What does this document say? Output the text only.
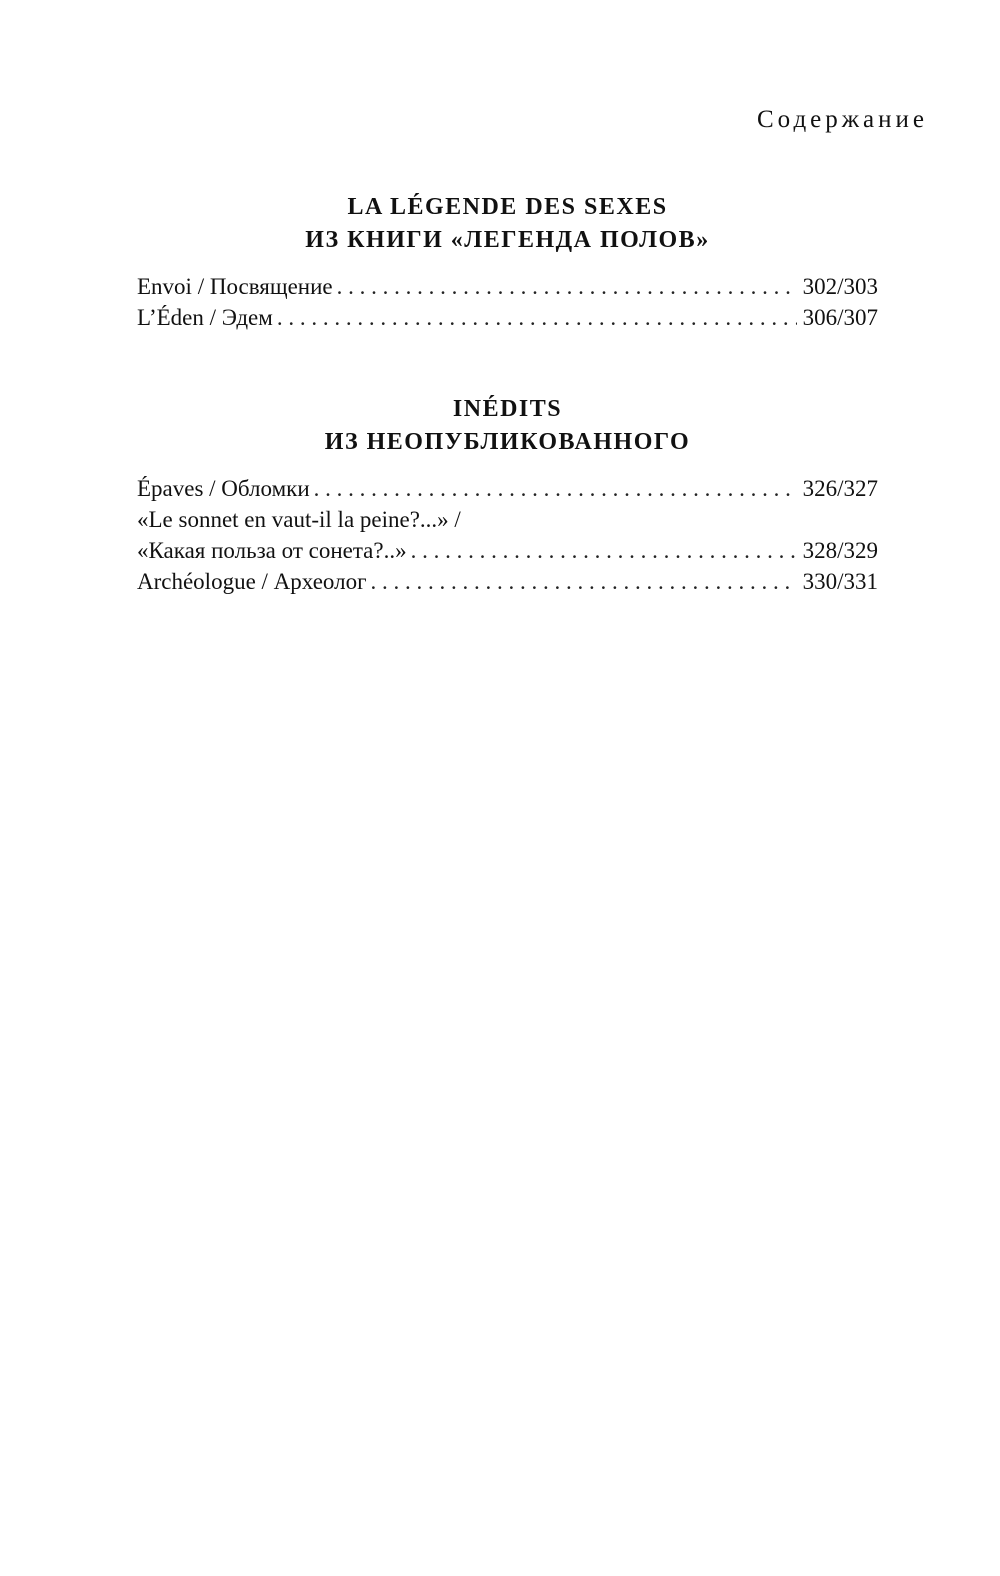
Содержание
LA LÉGENDE DES SEXES
ИЗ КНИГИ «ЛЕГЕНДА ПОЛОВ»
Envoi / Посвящение . . .	302/303
L’Éden / Эдем . . .	306/307
INÉDITS
ИЗ НЕОПУБЛИКОВАННОГО
Épaves / Обломки . . .	326/327
«Le sonnet en vaut-il la peine?...» /
«Какая польза от сонета?..» . . .	328/329
Archéologue / Археолог . . .	330/331
